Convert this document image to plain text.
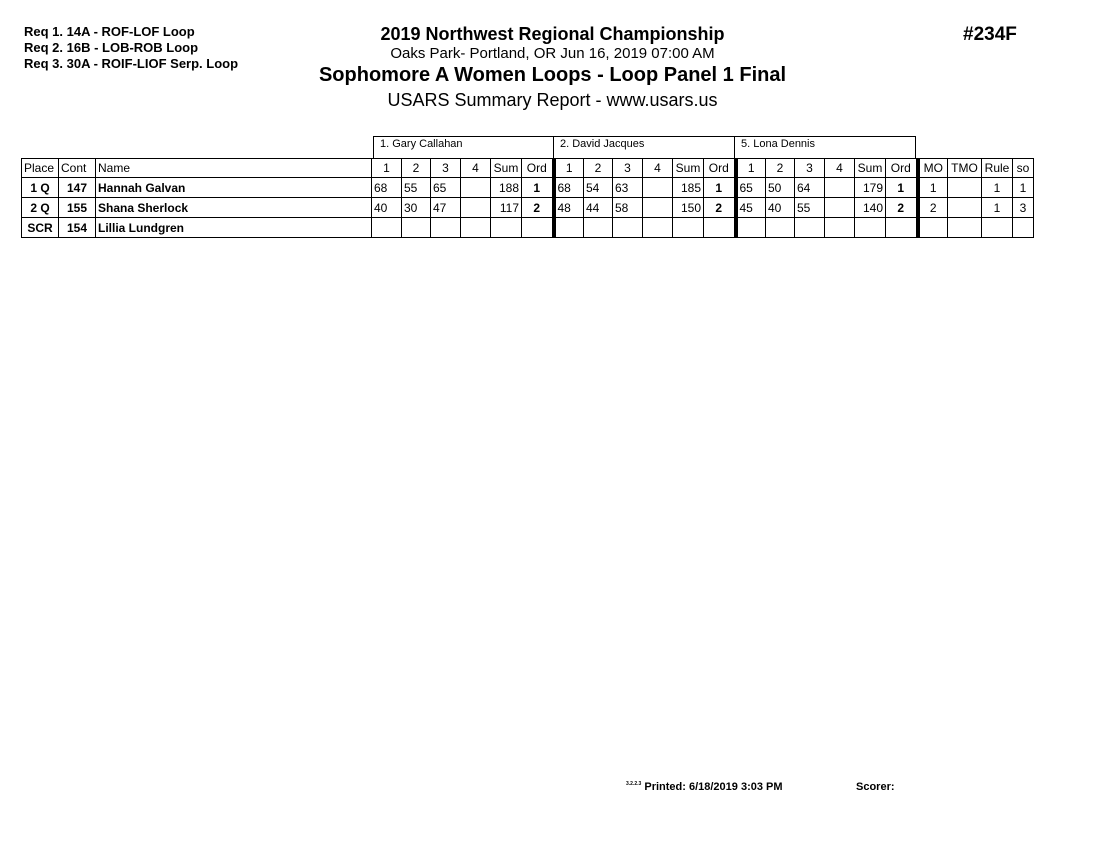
Req 1. 14A - ROF-LOF Loop
Req 2. 16B - LOB-ROB Loop
Req 3. 30A - ROIF-LIOF Serp. Loop
2019 Northwest Regional Championship
Oaks Park- Portland, OR Jun 16, 2019 07:00 AM
Sophomore A Women Loops - Loop Panel 1 Final
USARS Summary Report - www.usars.us
#234F
1. Gary Callahan	2. David Jacques	5. Lona Dennis
Place	Cont	Name	1	2	3	4	Sum	Ord	1	2	3	4	Sum	Ord	1	2	3	4	Sum	Ord	MO	TMO	Rule	so
1 Q	147	Hannah Galvan	68	55	65		188	1	68	54	63		185	1	65	50	64		179	1	1		1	1
2 Q	155	Shana Sherlock	40	30	47		117	2	48	44	58		150	2	45	40	55		140	2	2		1	3
SCR	154	Lillia Lundgren																						
$^{3.2.2.3}$ Printed: 6/18/2019 3:03 PM	Scorer:
